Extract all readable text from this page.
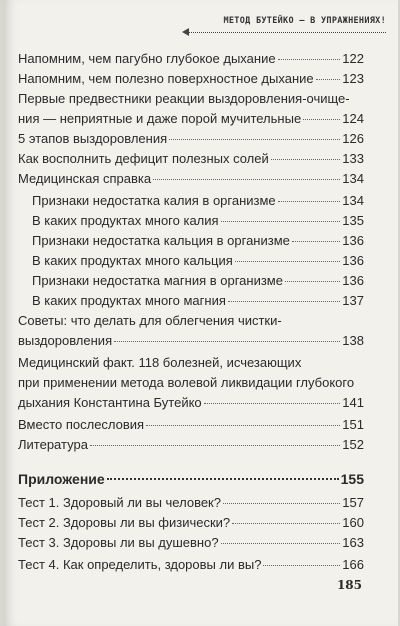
МЕТОД БУТЕЙКО – В УПРАЖНЕНИЯХ!
Напомним, чем пагубно глубокое дыхание	122
Напомним, чем полезно поверхностное дыхание 123
Первые предвестники реакции выздоровления-очище-
ния — неприятные и даже порой мучительные	124
5 этапов выздоровления	126
Как восполнить дефицит полезных солей	133
Медицинская справка	134
Признаки недостатка калия в организме	134
В каких продуктах много калия	135
Признаки недостатка кальция в организме	136
В каких продуктах много кальция	136
Признаки недостатка магния в организме	136
В каких продуктах много магния	137
Советы: что делать для облегчения чистки-
выздоровления	138
Медицинский факт. 118 болезней, исчезающих
при применении метода волевой ликвидации глубокого
дыхания Константина Бутейко	141
Вместо послесловия	151
Литература	152
Приложение	155
Тест 1. Здоровый ли вы человек?	157
Тест 2. Здоровы ли вы физически?	160
Тест 3. Здоровы ли вы душевно?	163
Тест 4. Как определить, здоровы ли вы?	166
185
